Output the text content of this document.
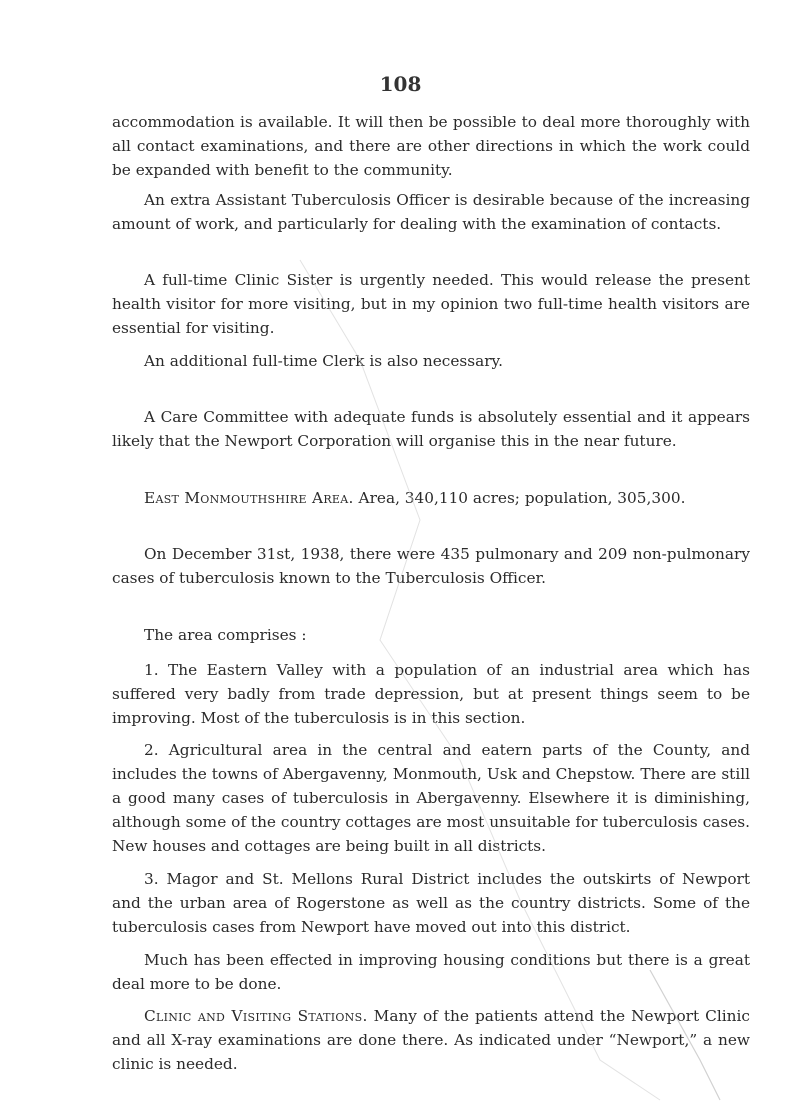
108

accommodation is available. It will then be possible to deal more thoroughly with all contact examinations, and there are other directions in which the work could be expanded with benefit to the community.

An extra Assistant Tuberculosis Officer is desirable because of the increasing amount of work, and particularly for dealing with the examination of contacts.

A full-time Clinic Sister is urgently needed. This would release the present health visitor for more visiting, but in my opinion two full-time health visitors are essential for visiting.

An additional full-time Clerk is also necessary.

A Care Committee with adequate funds is absolutely essential and it appears likely that the Newport Corporation will organise this in the near future.

East Monmouthshire Area. Area, 340,110 acres; population, 305,300.

On December 31st, 1938, there were 435 pulmonary and 209 non-pulmonary cases of tuberculosis known to the Tuberculosis Officer.

The area comprises :

1. The Eastern Valley with a population of an industrial area which has suffered very badly from trade depression, but at present things seem to be improving. Most of the tuberculosis is in this section.

2. Agricultural area in the central and eatern parts of the County, and includes the towns of Abergavenny, Monmouth, Usk and Chepstow. There are still a good many cases of tuberculosis in Abergavenny. Elsewhere it is diminishing, although some of the country cottages are most unsuitable for tuberculosis cases. New houses and cottages are being built in all districts.

3. Magor and St. Mellons Rural District includes the outskirts of Newport and the urban area of Rogerstone as well as the country districts. Some of the tuberculosis cases from Newport have moved out into this district.

Much has been effected in improving housing conditions but there is a great deal more to be done.

Clinic and Visiting Stations. Many of the patients attend the Newport Clinic and all X-ray examinations are done there. As indicated under “Newport,” a new clinic is needed.
